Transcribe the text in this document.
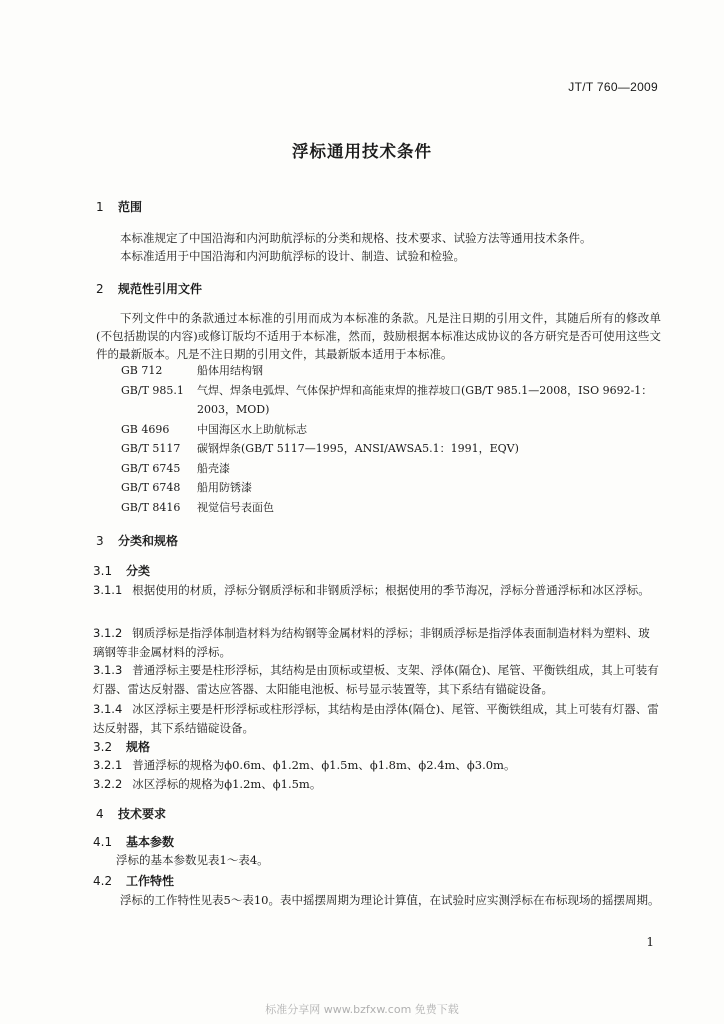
JT/T 760—2009
浮标通用技术条件
1 范围
本标准规定了中国沿海和内河助航浮标的分类和规格、技术要求、试验方法等通用技术条件。
本标准适用于中国沿海和内河助航浮标的设计、制造、试验和检验。
2 规范性引用文件
下列文件中的条款通过本标准的引用而成为本标准的条款。凡是注日期的引用文件，其随后所有的修改单(不包括勘误的内容)或修订版均不适用于本标准，然而，鼓励根据本标准达成协议的各方研究是否可使用这些文件的最新版本。凡是不注日期的引用文件，其最新版本适用于本标准。
GB 712	船体用结构钢
GB/T 985.1	气焊、焊条电弧焊、气体保护焊和高能束焊的推荐坡口(GB/T 985.1—2008，ISO 9692-1：2003，MOD)
GB 4696	中国海区水上助航标志
GB/T 5117	碳钢焊条(GB/T 5117—1995，ANSI/AWSA5.1：1991，EQV)
GB/T 6745	船壳漆
GB/T 6748	船用防锈漆
GB/T 8416	视觉信号表面色
3 分类和规格
3.1 分类
3.1.1 根据使用的材质，浮标分钢质浮标和非钢质浮标；根据使用的季节海况，浮标分普通浮标和冰区浮标。
3.1.2 钢质浮标是指浮体制造材料为结构钢等金属材料的浮标；非钢质浮标是指浮体表面制造材料为塑料、玻璃钢等非金属材料的浮标。
3.1.3 普通浮标主要是柱形浮标，其结构是由顶标或望板、支架、浮体(隔仓)、尾管、平衡铁组成，其上可装有灯器、雷达反射器、雷达应答器、太阳能电池板、标号显示装置等，其下系结有锚碇设备。
3.1.4 冰区浮标主要是杆形浮标或柱形浮标，其结构是由浮体(隔仓)、尾管、平衡铁组成，其上可装有灯器、雷达反射器，其下系结锚碇设备。
3.2 规格
3.2.1 普通浮标的规格为ϕ0.6m、ϕ1.2m、ϕ1.5m、ϕ1.8m、ϕ2.4m、ϕ3.0m。
3.2.2 冰区浮标的规格为ϕ1.2m、ϕ1.5m。
4 技术要求
4.1 基本参数
浮标的基本参数见表1～表4。
4.2 工作特性
浮标的工作特性见表5～表10。表中摇摆周期为理论计算值，在试验时应实测浮标在布标现场的摇摆周期。
1
标准分享网 www.bzfxw.com 免费下载
